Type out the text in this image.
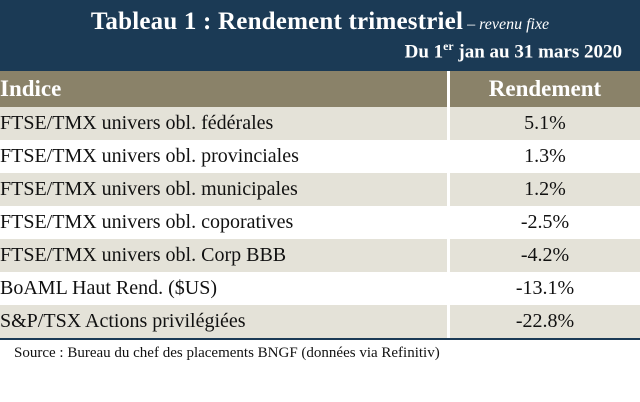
Tableau 1 : Rendement trimestriel – revenu fixe
Du 1er jan au 31 mars 2020
Indice	Rendement
FTSE/TMX univers obl. fédérales	5.1%
FTSE/TMX univers obl. provinciales	1.3%
FTSE/TMX univers obl. municipales	1.2%
FTSE/TMX univers obl. coporatives	-2.5%
FTSE/TMX univers obl. Corp BBB	-4.2%
BoAML Haut Rend. ($US)	-13.1%
S&P/TSX Actions privilégiées	-22.8%
Source : Bureau du chef des placements BNGF (données via Refinitiv)
